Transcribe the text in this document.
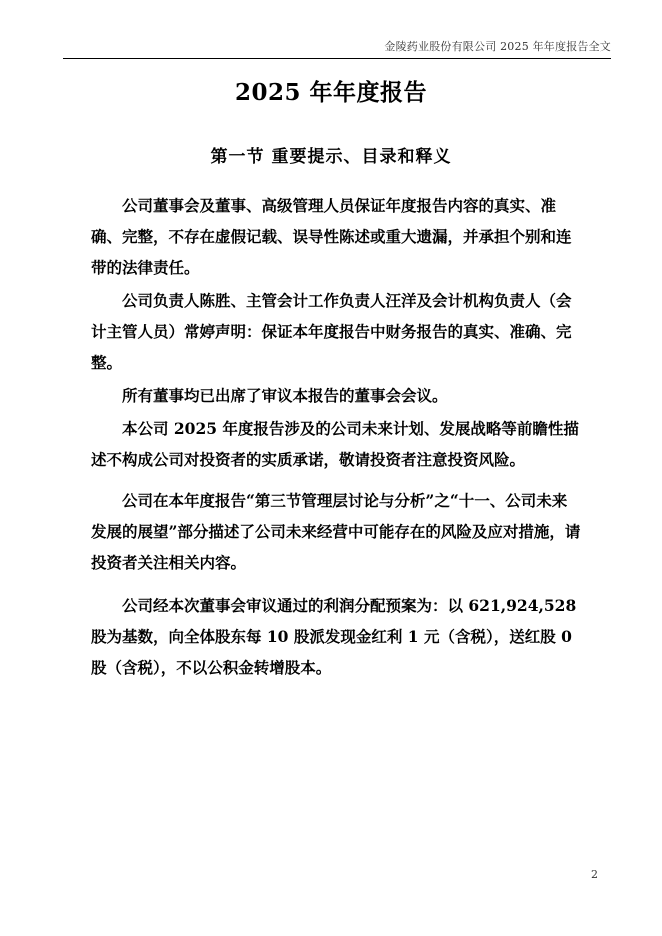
金陵药业股份有限公司 2025 年年度报告全文
2025 年年度报告
第一节 重要提示、目录和释义

公司董事会及董事、高级管理人员保证年度报告内容的真实、准确、完整，不存在虚假记载、误导性陈述或重大遗漏，并承担个别和连带的法律责任。

公司负责人陈胜、主管会计工作负责人汪洋及会计机构负责人（会计主管人员）常婷声明：保证本年度报告中财务报告的真实、准确、完整。

所有董事均已出席了审议本报告的董事会会议。

本公司 2025 年度报告涉及的公司未来计划、发展战略等前瞻性描述不构成公司对投资者的实质承诺，敬请投资者注意投资风险。

公司在本年度报告“第三节管理层讨论与分析”之“十一、公司未来发展的展望”部分描述了公司未来经营中可能存在的风险及应对措施，请投资者关注相关内容。

公司经本次董事会审议通过的利润分配预案为：以 621,924,528 股为基数，向全体股东每 10 股派发现金红利 1 元（含税），送红股 0 股（含税），不以公积金转增股本。

2
